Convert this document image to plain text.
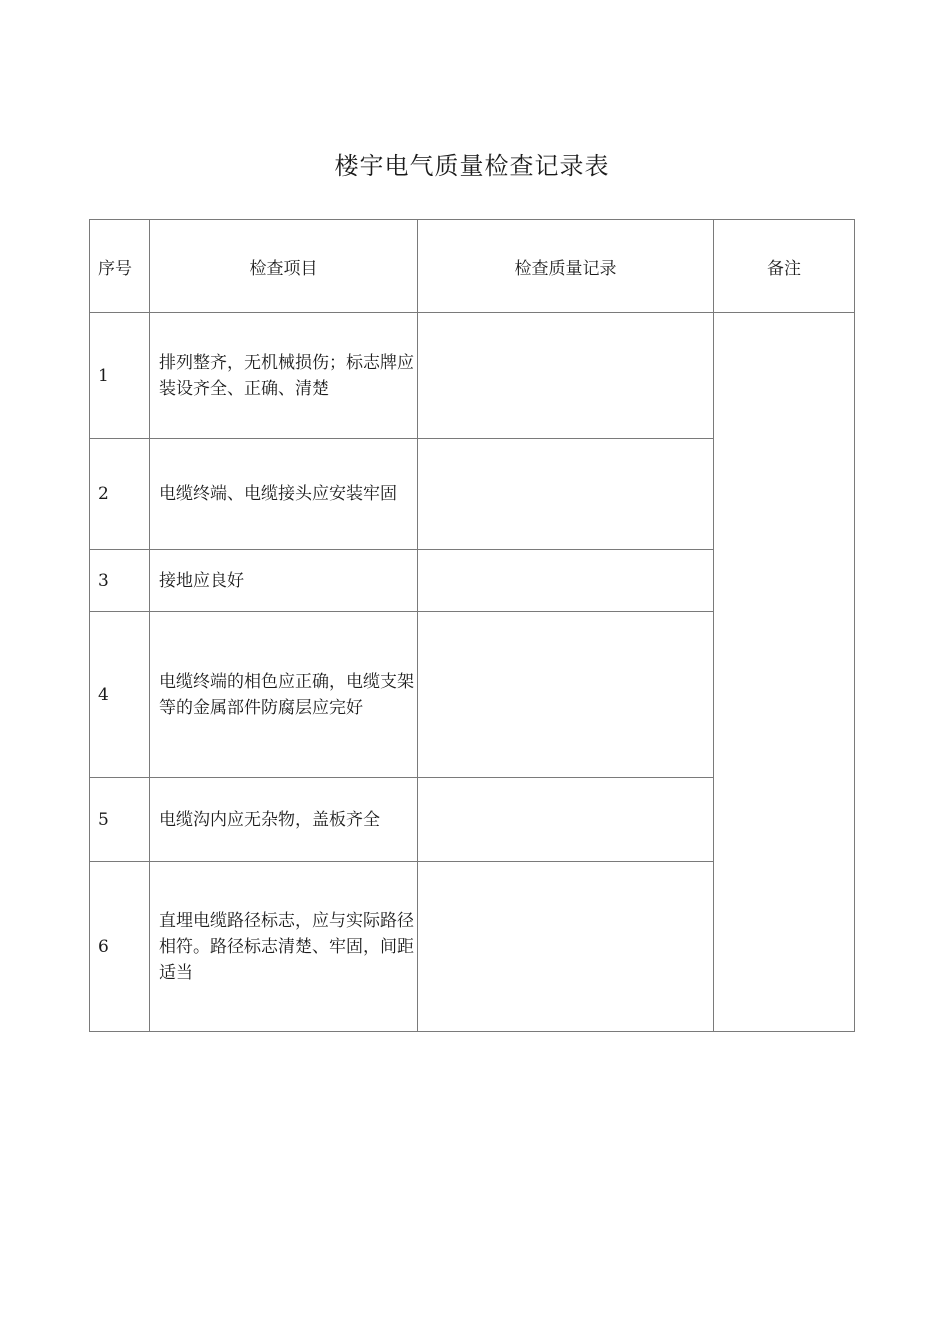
楼宇电气质量检查记录表
序号	检查项目	检查质量记录	备注
1	排列整齐，无机械损伤；标志牌应装设齐全、正确、清楚		
2	电缆终端、电缆接头应安装牢固		
3	接地应良好		
4	电缆终端的相色应正确，电缆支架等的金属部件防腐层应完好		
5	电缆沟内应无杂物，盖板齐全		
6	直埋电缆路径标志，应与实际路径相符。路径标志清楚、牢固，间距适当		
